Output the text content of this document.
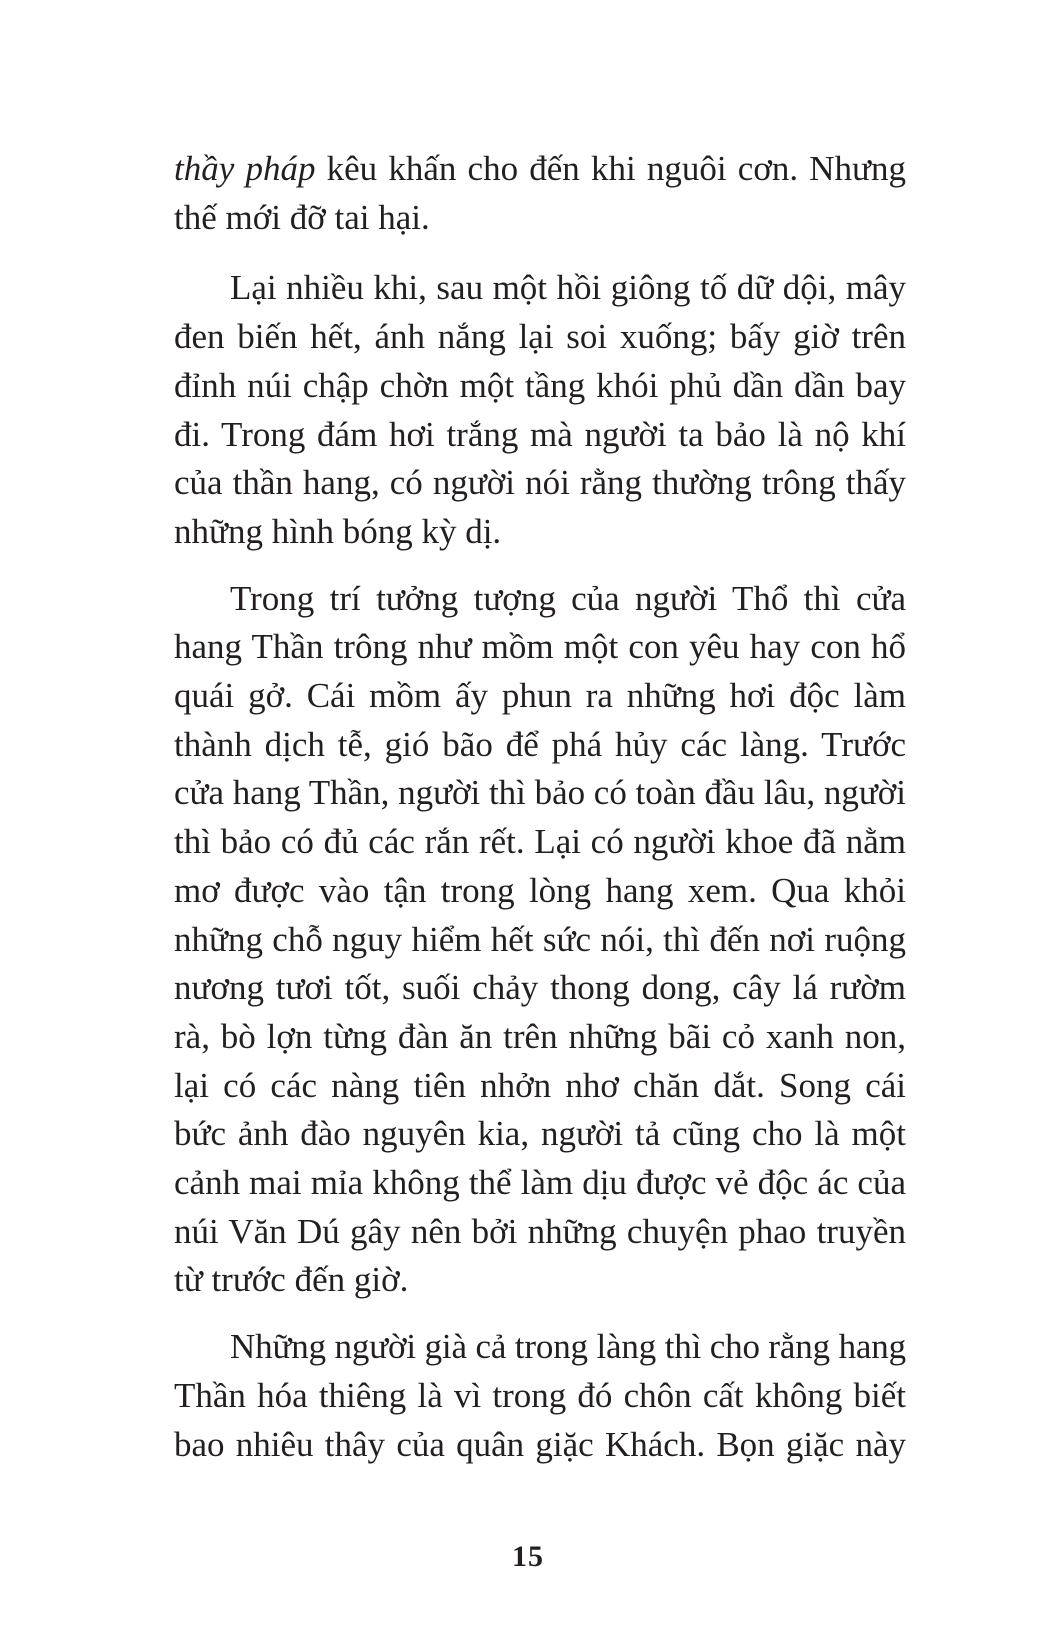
thầy pháp kêu khấn cho đến khi nguôi cơn. Nhưng
thế mới đỡ tai hại.
Lại nhiều khi, sau một hồi giông tố dữ dội, mây
đen biến hết, ánh nắng lại soi xuống; bấy giờ trên
đỉnh núi chập chờn một tầng khói phủ dần dần bay
đi. Trong đám hơi trắng mà người ta bảo là nộ khí
của thần hang, có người nói rằng thường trông thấy
những hình bóng kỳ dị.
Trong trí tưởng tượng của người Thổ thì cửa
hang Thần trông như mồm một con yêu hay con hổ
quái gở. Cái mồm ấy phun ra những hơi độc làm
thành dịch tễ, gió bão để phá hủy các làng. Trước
cửa hang Thần, người thì bảo có toàn đầu lâu, người
thì bảo có đủ các rắn rết. Lại có người khoe đã nằm
mơ được vào tận trong lòng hang xem. Qua khỏi
những chỗ nguy hiểm hết sức nói, thì đến nơi ruộng
nương tươi tốt, suối chảy thong dong, cây lá rườm
rà, bò lợn từng đàn ăn trên những bãi cỏ xanh non,
lại có các nàng tiên nhởn nhơ chăn dắt. Song cái
bức ảnh đào nguyên kia, người tả cũng cho là một
cảnh mai mỉa không thể làm dịu được vẻ độc ác của
núi Văn Dú gây nên bởi những chuyện phao truyền
từ trước đến giờ.
Những người già cả trong làng thì cho rằng hang
Thần hóa thiêng là vì trong đó chôn cất không biết
bao nhiêu thây của quân giặc Khách. Bọn giặc này
15
